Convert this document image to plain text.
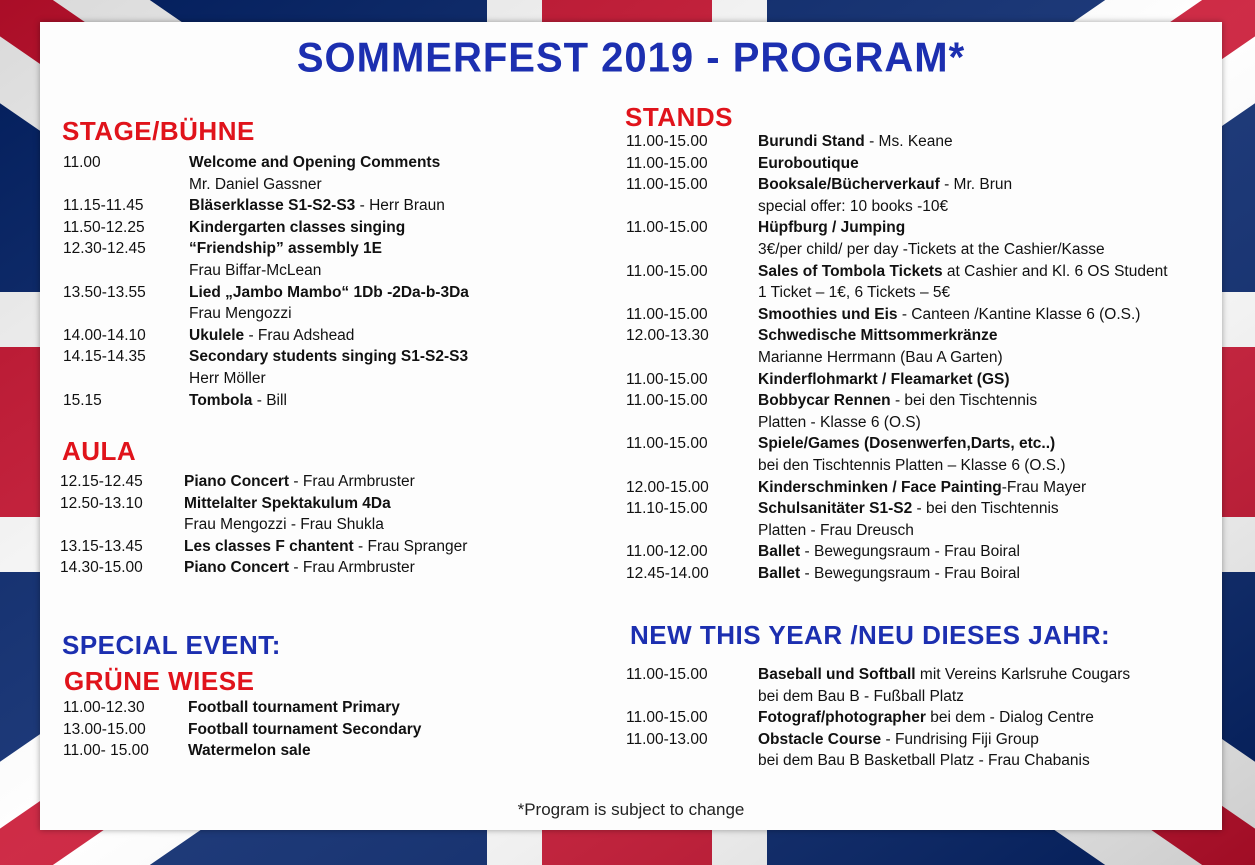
SOMMERFEST 2019 - PROGRAM*
STAGE/BÜHNE
11.00	Welcome and Opening Comments
Mr. Daniel Gassner
11.15-11.45	Bläserklasse S1-S2-S3 - Herr Braun
11.50-12.25	Kindergarten classes singing
12.30-12.45	“Friendship” assembly 1E
Frau Biffar-McLean
13.50-13.55	Lied „Jambo Mambo“ 1Db -2Da-b-3Da
Frau Mengozzi
14.00-14.10	Ukulele - Frau Adshead
14.15-14.35	Secondary students singing S1-S2-S3
Herr Möller
15.15	Tombola - Bill
AULA
12.15-12.45	Piano Concert - Frau Armbruster
12.50-13.10	Mittelalter Spektakulum 4Da
Frau Mengozzi - Frau Shukla
13.15-13.45	Les classes F chantent - Frau Spranger
14.30-15.00	Piano Concert - Frau Armbruster
SPECIAL EVENT:
GRÜNE WIESE
11.00-12.30	Football tournament Primary
13.00-15.00	Football tournament Secondary
11.00- 15.00	Watermelon sale
STANDS
11.00-15.00	Burundi Stand - Ms. Keane
11.00-15.00	Euroboutique
11.00-15.00	Booksale/Bücherverkauf - Mr. Brun
special offer: 10 books -10€
11.00-15.00	Hüpfburg / Jumping
3€/per child/ per day -Tickets at the Cashier/Kasse
11.00-15.00	Sales of Tombola Tickets at Cashier and Kl. 6 OS Student
1 Ticket – 1€, 6 Tickets – 5€
11.00-15.00	Smoothies und Eis - Canteen /Kantine Klasse 6 (O.S.)
12.00-13.30	Schwedische Mittsommerkränze
Marianne Herrmann (Bau A Garten)
11.00-15.00	Kinderflohmarkt / Fleamarket (GS)
11.00-15.00	Bobbycar Rennen - bei den Tischtennis
Platten - Klasse 6 (O.S)
11.00-15.00	Spiele/Games (Dosenwerfen,Darts, etc..)
bei den Tischtennis Platten – Klasse 6 (O.S.)
12.00-15.00	Kinderschminken / Face Painting-Frau Mayer
11.10-15.00	Schulsanitäter S1-S2 - bei den Tischtennis
Platten - Frau Dreusch
11.00-12.00	Ballet - Bewegungsraum - Frau Boiral
12.45-14.00	Ballet - Bewegungsraum - Frau Boiral
NEW THIS YEAR /NEU DIESES JAHR:
11.00-15.00	Baseball und Softball mit Vereins Karlsruhe Cougars
bei dem Bau B - Fußball Platz
11.00-15.00	Fotograf/photographer bei dem - Dialog Centre
11.00-13.00	Obstacle Course - Fundrising Fiji Group
bei dem Bau B Basketball Platz - Frau Chabanis
*Program is subject to change
